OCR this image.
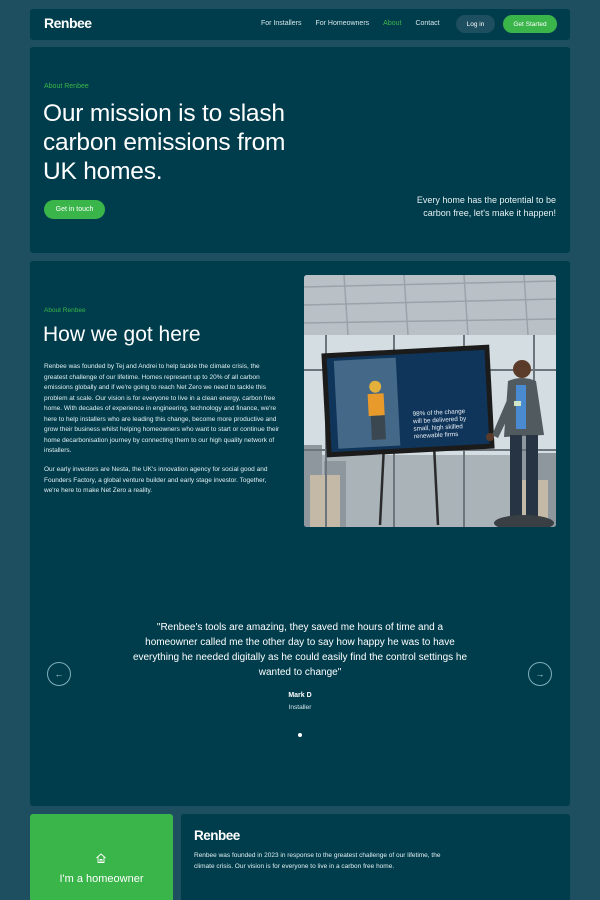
Renbee	For Installers For Homeowners About Contact	Log in	Get Started
About Renbee
Our mission is to slash carbon emissions from UK homes.
Get in touch
Every home has the potential to be carbon free, let's make it happen!
About Renbee
How we got here

Renbee was founded by Tej and Andrei to help tackle the climate crisis, the greatest challenge of our lifetime. Homes represent up to 20% of all carbon emissions globally and if we're going to reach Net Zero we need to tackle this problem at scale. Our vision is for everyone to live in a clean energy, carbon free home. With decades of experience in engineering, technology and finance, we're here to help installers who are leading this change, become more productive and grow their business whilst helping homeowners who want to start or continue their home decarbonisation journey by connecting them to our high quality network of installers.

Our early investors are Nesta, the UK's innovation agency for social good and Founders Factory, a global venture builder and early stage investor. Together, we're here to make Net Zero a reality.

98% of the change will be delivered by small, high skilled renewable firms

"Renbee's tools are amazing, they saved me hours of time and a homeowner called me the other day to say how happy he was to have everything he needed digitally as he could easily find the control settings he wanted to change"

Mark D
Installer
←	→
I'm a homeowner
Renbee

Renbee was founded in 2023 in response to the greatest challenge of our lifetime, the climate crisis. Our vision is for everyone to live in a carbon free home.
